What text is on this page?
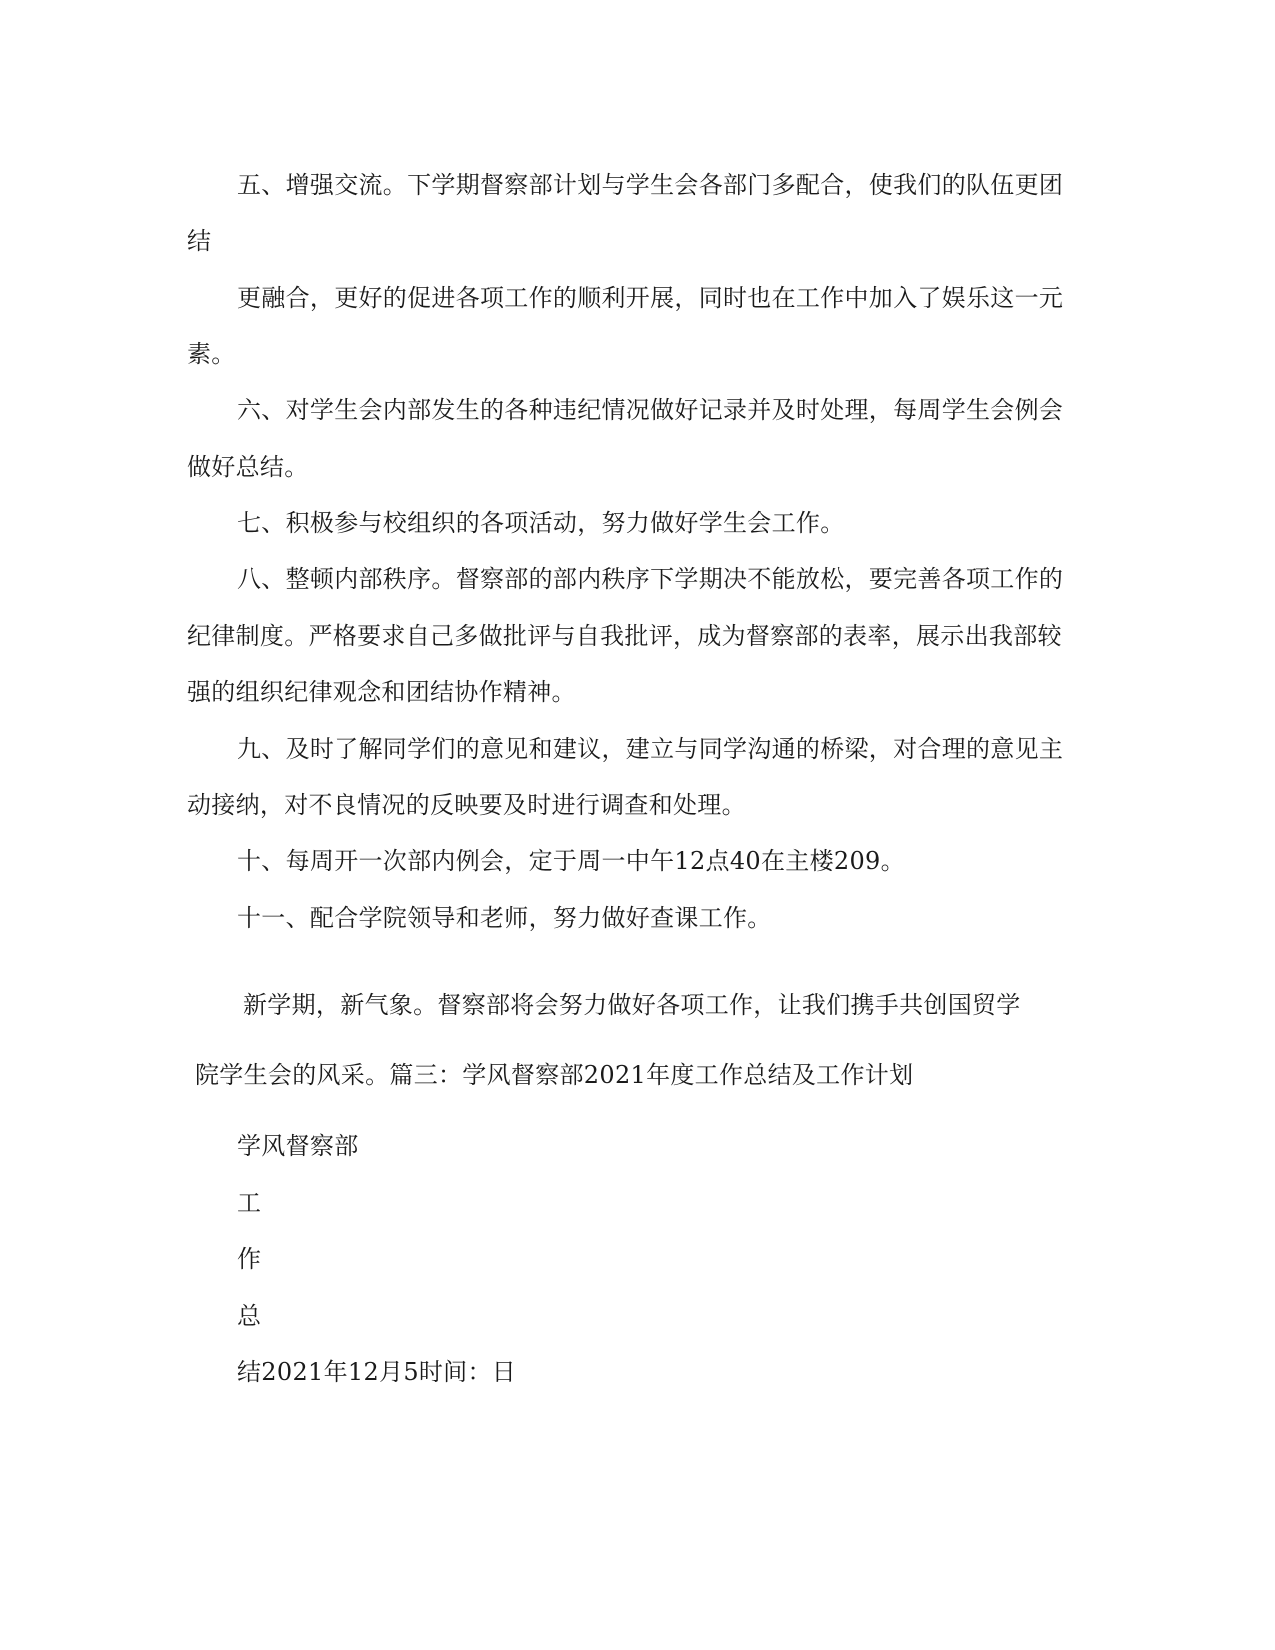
五、增强交流。下学期督察部计划与学生会各部门多配合，使我们的队伍更团
结
更融合，更好的促进各项工作的顺利开展，同时也在工作中加入了娱乐这一元
素。
六、对学生会内部发生的各种违纪情况做好记录并及时处理，每周学生会例会
做好总结。
七、积极参与校组织的各项活动，努力做好学生会工作。
八、整顿内部秩序。督察部的部内秩序下学期决不能放松，要完善各项工作的
纪律制度。严格要求自己多做批评与自我批评，成为督察部的表率，展示出我部较
强的组织纪律观念和团结协作精神。
九、及时了解同学们的意见和建议，建立与同学沟通的桥梁，对合理的意见主
动接纳，对不良情况的反映要及时进行调查和处理。
十、每周开一次部内例会，定于周一中午12点40在主楼209。
十一、配合学院领导和老师，努力做好查课工作。
新学期，新气象。督察部将会努力做好各项工作，让我们携手共创国贸学
院学生会的风采。篇三：学风督察部2021年度工作总结及工作计划
学风督察部
工
作
总
结2021年12月5时间：日
